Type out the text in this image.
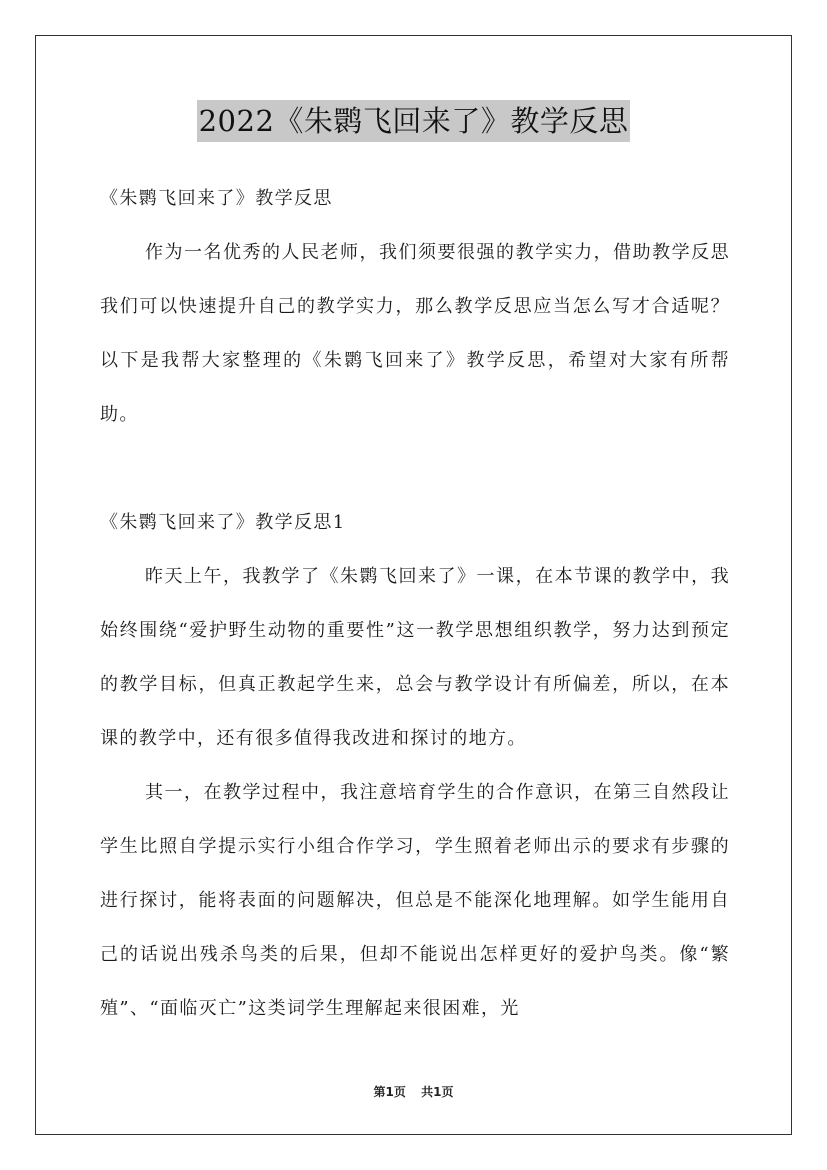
2022《朱鹮飞回来了》教学反思

《朱鹮飞回来了》教学反思

作为一名优秀的人民老师，我们须要很强的教学实力，借助教学反思我们可以快速提升自己的教学实力，那么教学反思应当怎么写才合适呢？以下是我帮大家整理的《朱鹮飞回来了》教学反思，希望对大家有所帮助。

《朱鹮飞回来了》教学反思1

昨天上午，我教学了《朱鹮飞回来了》一课，在本节课的教学中，我始终围绕“爱护野生动物的重要性”这一教学思想组织教学，努力达到预定的教学目标，但真正教起学生来，总会与教学设计有所偏差，所以，在本课的教学中，还有很多值得我改进和探讨的地方。

其一，在教学过程中，我注意培育学生的合作意识，在第三自然段让学生比照自学提示实行小组合作学习，学生照着老师出示的要求有步骤的进行探讨，能将表面的问题解决，但总是不能深化地理解。如学生能用自己的话说出残杀鸟类的后果，但却不能说出怎样更好的爱护鸟类。像“繁殖”、“面临灭亡”这类词学生理解起来很困难，光

第1页 共1页
